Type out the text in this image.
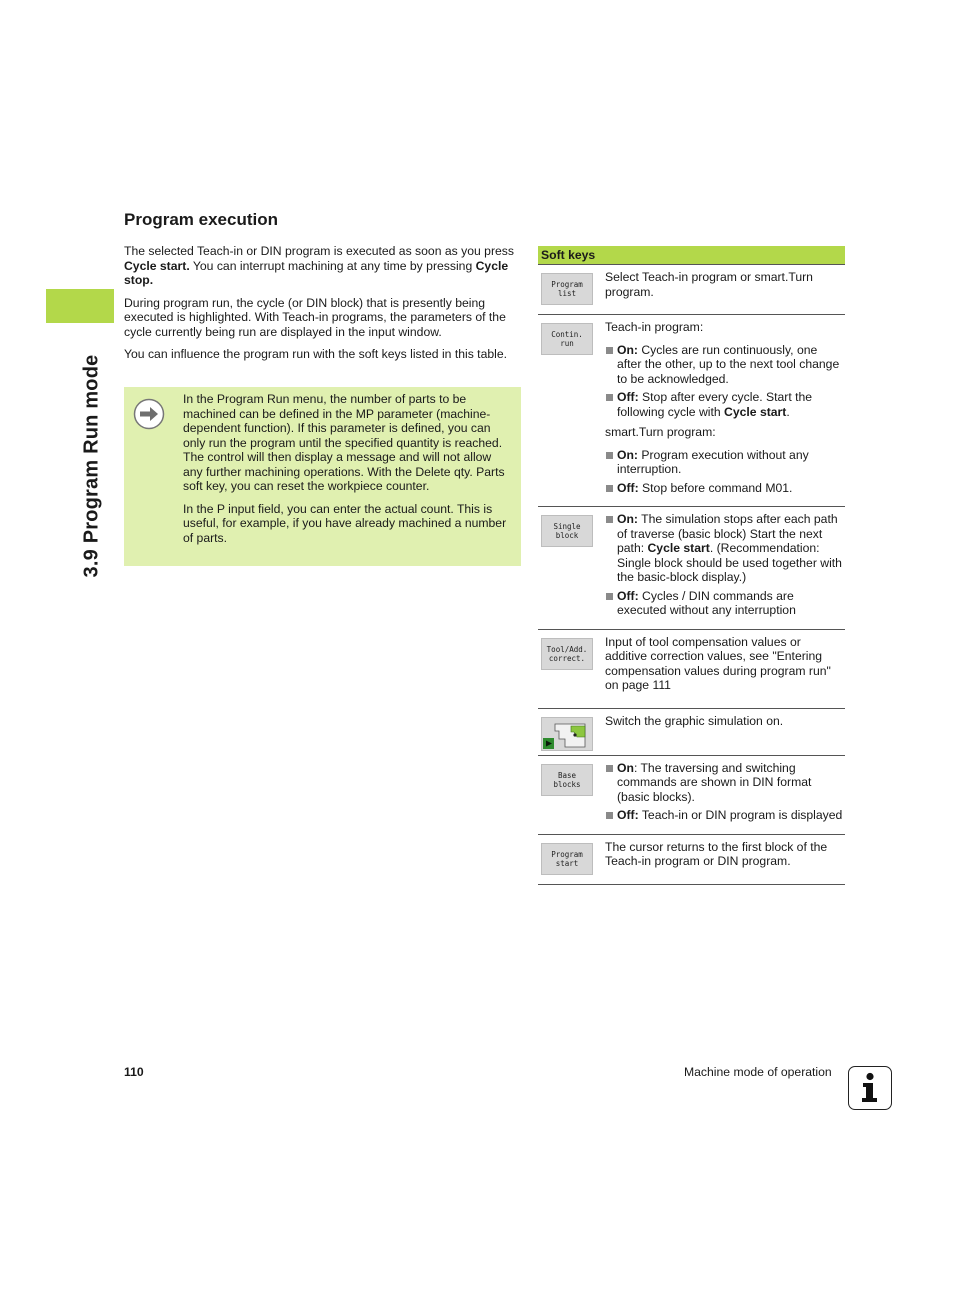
3.9 Program Run mode
Program execution

The selected Teach-in or DIN program is executed as soon as you press Cycle start. You can interrupt machining at any time by pressing Cycle stop.

During program run, the cycle (or DIN block) that is presently being executed is highlighted. With Teach-in programs, the parameters of the cycle currently being run are displayed in the input window.

You can influence the program run with the soft keys listed in this table.

In the Program Run menu, the number of parts to be machined can be defined in the MP parameter (machine-dependent function). If this parameter is defined, you can only run the program until the specified quantity is reached. The control will then display a message and will not allow any further machining operations. With the Delete qty. Parts soft key, you can reset the workpiece counter.

In the P input field, you can enter the actual count. This is useful, for example, if you have already machined a number of parts.

Soft keys
Program
list
Select Teach-in program or smart.Turn program.
Contin.
run
Teach-in program:
On: Cycles are run continuously, one after the other, up to the next tool change to be acknowledged.
Off: Stop after every cycle. Start the following cycle with Cycle start.
smart.Turn program:
On: Program execution without any interruption.
Off: Stop before command M01.
Single
block
On: The simulation stops after each path of traverse (basic block) Start the next path: Cycle start. (Recommendation: Single block should be used together with the basic-block display.)
Off: Cycles / DIN commands are executed without any interruption
Tool/Add.
correct.
Input of tool compensation values or additive correction values, see "Entering compensation values during program run" on page 111
Switch the graphic simulation on.
Base
blocks
On: The traversing and switching commands are shown in DIN format (basic blocks).
Off: Teach-in or DIN program is displayed
Program
start
The cursor returns to the first block of the Teach-in program or DIN program.
110	Machine mode of operation
